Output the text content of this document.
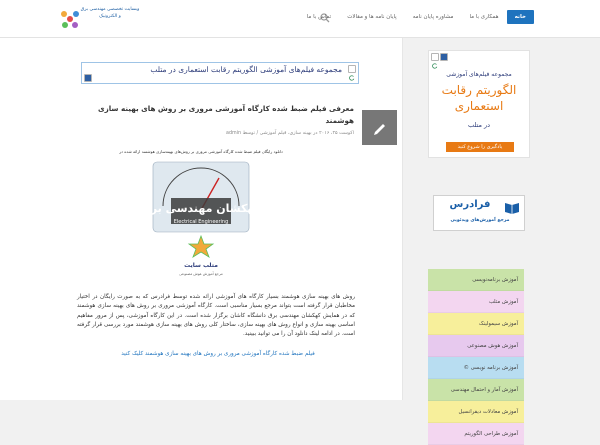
وبسایت تخصصی مهندسی برق و الکترونیک	خانه
همکاری با ما
مشاوره پایان نامه
پایان نامه ها و مقالات
تماس با ما
مجموعه فیلم‌های آموزشی الگوریتم رقابت استعماری در متلب
معرفی فیلم ضبط شده کارگاه آموزشی مروری بر روش های بهینه سازی هوشمند
اکوست ۲۵، ۲۰۱۶ در بهینه سازی، فیلم آموزشی / توسط admin
دانلود رایگان فیلم ضبط شده کارگاه آموزشی مروری بر روش‌های بهینه‌سازی هوشمند ارائه شده در
کهکشان مهندسی برق
Electrical Engineering
متلب سایت
مرجع آموزش هوش مصنوعی
روش های بهینه سازی هوشمند بسیار کارگاه های آموزشی ارائه شده توسط فرادرس که به صورت رایگان در اختیار مخاطبان قرار گرفته است بتواند مرجع بسیار مناسبی است. کارگاه آموزشی مروری بر روش های بهینه سازی هوشمند که در همایش کهکشان مهندسی برق دانشگاه کاشان برگزار شده است. در این کارگاه آموزشی، پس از مرور مفاهیم اساسی بهینه سازی و انواع روش های بهینه سازی، ساختار کلی روش های بهینه سازی هوشمند مورد بررسی قرار گرفته است. در ادامه لینک دانلود آن را می توانید ببینید.
فیلم ضبط شده کارگاه آموزشی مروری بر روش های بهینه سازی هوشمند کلیک کنید
مجموعه فیلم‌های آموزشی
الگوریتم رقابت استعماری
در متلب
یادگیری را شروع کنید
فرادرس
مرجع آموزش‌های ویدئویی
آموزش برنامه‌نویسی
آموزش متلب
آموزش سیمولینک
آموزش هوش مصنوعی
آموزش برنامه نویسی ©
آموزش آمار و احتمال مهندسی
آموزش معادلات دیفرانسیل
آموزش طراحی الگوریتم
